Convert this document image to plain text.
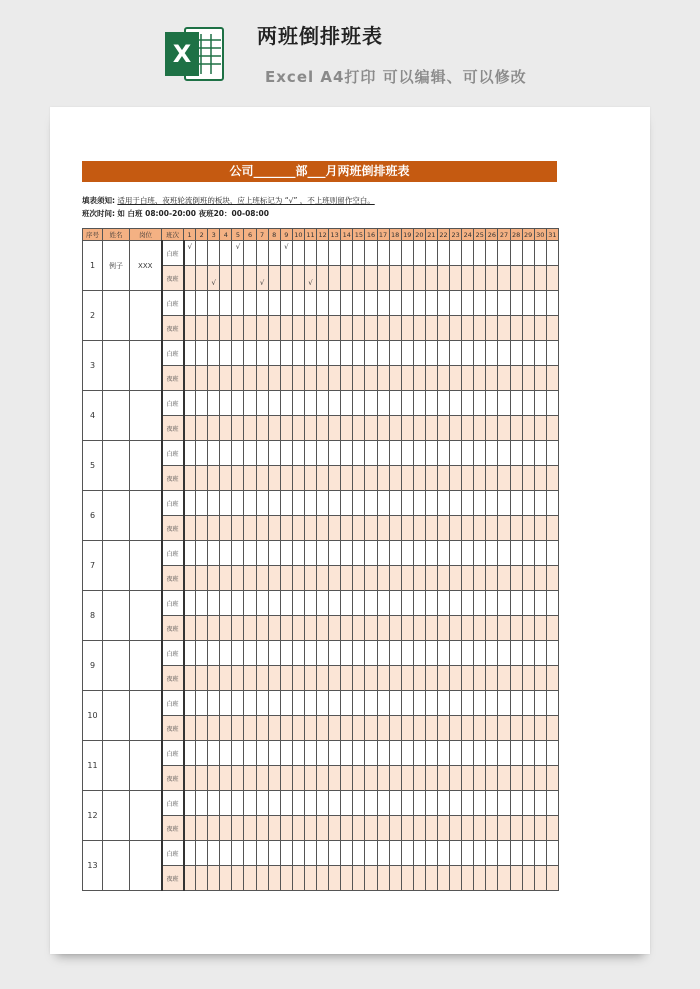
X
两班倒排班表
Excel A4打印 可以编辑、可以修改
公司_______部___月两班倒排班表
填表须知: 适用于白班、夜班轮流倒班的板块，应上班标记为 “√” ，不上班则留作空白。
班次时间: 如 白班 08:00-20:00 夜班20：00-08:00
序号	姓名	岗位	班次	1	2	3	4	5	6	7	8	9	10	11	12	13	14	15	16	17	18	19	20	21	22	23	24	25	26	27	28	29	30	31
1	例子	XXX	白班	√				√				√																						

			夜班			√				√				√																				

2			白班																															
			夜班																															
3			白班																															
			夜班																															
4			白班																															
			夜班																															
5			白班																															
			夜班																															
6			白班																															
			夜班																															
7			白班																															
			夜班																															
8			白班																															
			夜班																															
9			白班																															
			夜班																															
10			白班																															
			夜班																															
11			白班																															
			夜班																															
12			白班																															
			夜班																															
13			白班																															
			夜班																															
